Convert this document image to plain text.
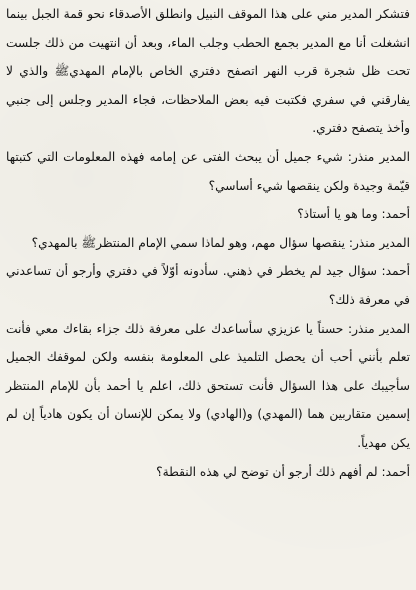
فتشكر المدير مني على هذا الموقف النبيل وانطلق الأصدقاء نحو قمة الجبل بينما انشغلت أنا مع المدير بجمع الحطب وجلب الماء، وبعد أن انتهيت من ذلك جلست تحت ظل شجرة قرب النهر اتصفح دفتري الخاص بالإمام المهديﷺ والذي لا يفارقني في سفري فكتبت فيه بعض الملاحظات، فجاء المدير وجلس إلى جنبي وأخذ يتصفح دفتري.

المدير منذر: شيء جميل أن يبحث الفتى عن إمامه فهذه المعلومات التي كتبتها قيّمة وجيدة ولكن ينقصها شيء أساسي؟

أحمد: وما هو يا أستاذ؟

المدير منذر: ينقصها سؤال مهم، وهو لماذا سمي الإمام المنتظرﷺ بالمهدي؟

أحمد: سؤال جيد لم يخطر في ذهني. سأدونه أوّلاً في دفتري وأرجو أن تساعدني في معرفة ذلك؟

المدير منذر: حسناً يا عزيزي سأساعدك على معرفة ذلك جزاء بقاءك معي فأنت تعلم بأنني أحب أن يحصل التلميذ على المعلومة بنفسه ولكن لموقفك الجميل سأجيبك على هذا السؤال فأنت تستحق ذلك، اعلم يا أحمد بأن للإمام المنتظر إسمين متقاربين هما (المهدي) و(الهادي) ولا يمكن للإنسان أن يكون هادياً إن لم يكن مهدياً.

أحمد: لم أفهم ذلك أرجو أن توضح لي هذه النقطة؟
